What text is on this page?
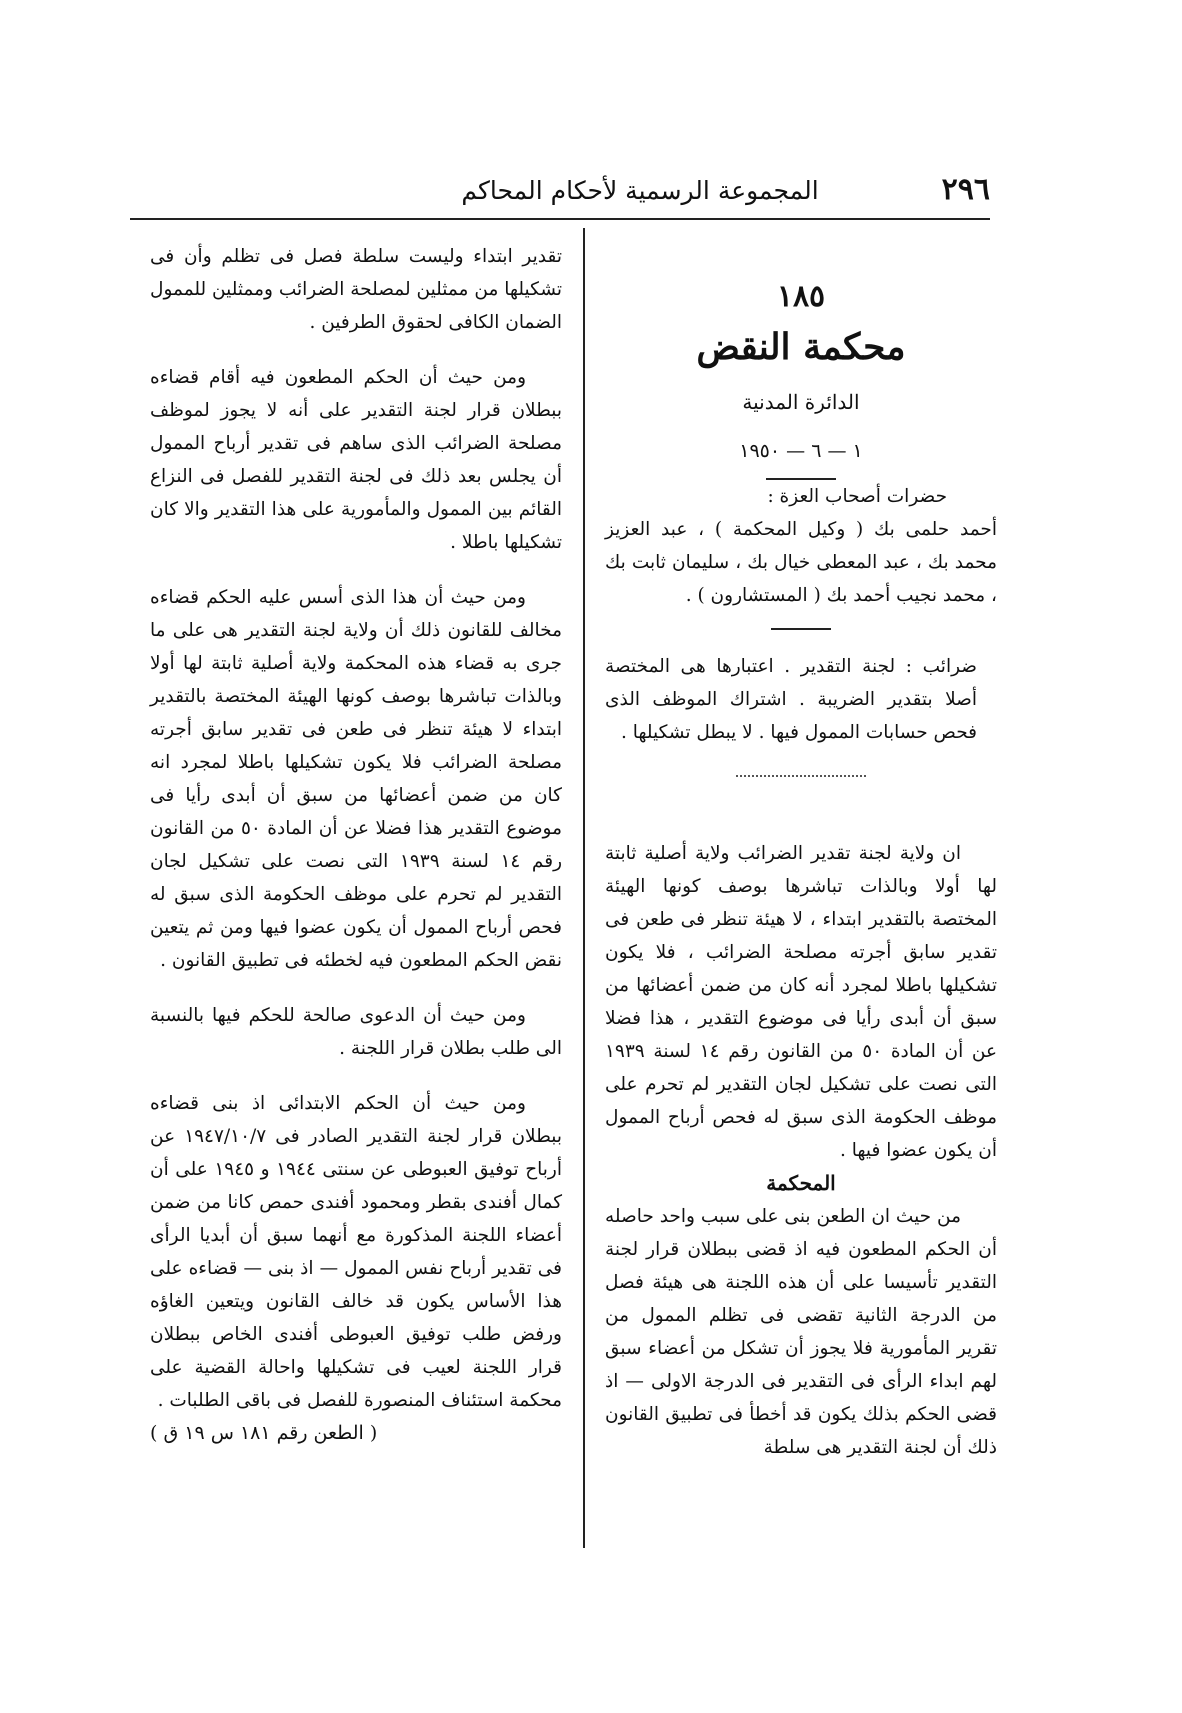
٢٩٦
المجموعة الرسمية لأحكام المحاكم
١٨٥
محكمة النقض
الدائرة المدنية
١ — ٦ — ١٩٥٠

حضرات أصحاب العزة :

أحمد حلمى بك ( وكيل المحكمة ) ، عبد العزيز محمد بك ، عبد المعطى خيال بك ، سليمان ثابت بك ، محمد نجيب أحمد بك ( المستشارون ) .

ضرائب : لجنة التقدير . اعتبارها هى المختصة أصلا بتقدير الضريبة . اشتراك الموظف الذى فحص حسابات الممول فيها . لا يبطل تشكيلها .

ان ولاية لجنة تقدير الضرائب ولاية أصلية ثابتة لها أولا وبالذات تباشرها بوصف كونها الهيئة المختصة بالتقدير ابتداء ، لا هيئة تنظر فى طعن فى تقدير سابق أجرته مصلحة الضرائب ، فلا يكون تشكيلها باطلا لمجرد أنه كان من ضمن أعضائها من سبق أن أبدى رأيا فى موضوع التقدير ، هذا فضلا عن أن المادة ٥٠ من القانون رقم ١٤ لسنة ١٩٣٩ التى نصت على تشكيل لجان التقدير لم تحرم على موظف الحكومة الذى سبق له فحص أرباح الممول أن يكون عضوا فيها .

المحكمة

من حيث ان الطعن بنى على سبب واحد حاصله أن الحكم المطعون فيه اذ قضى ببطلان قرار لجنة التقدير تأسيسا على أن هذه اللجنة هى هيئة فصل من الدرجة الثانية تقضى فى تظلم الممول من تقرير المأمورية فلا يجوز أن تشكل من أعضاء سبق لهم ابداء الرأى فى التقدير فى الدرجة الاولى — اذ قضى الحكم بذلك يكون قد أخطأ فى تطبيق القانون ذلك أن لجنة التقدير هى سلطة

تقدير ابتداء وليست سلطة فصل فى تظلم وأن فى تشكيلها من ممثلين لمصلحة الضرائب وممثلين للممول الضمان الكافى لحقوق الطرفين .

ومن حيث أن الحكم المطعون فيه أقام قضاءه ببطلان قرار لجنة التقدير على أنه لا يجوز لموظف مصلحة الضرائب الذى ساهم فى تقدير أرباح الممول أن يجلس بعد ذلك فى لجنة التقدير للفصل فى النزاع القائم بين الممول والمأمورية على هذا التقدير والا كان تشكيلها باطلا .

ومن حيث أن هذا الذى أسس عليه الحكم قضاءه مخالف للقانون ذلك أن ولاية لجنة التقدير هى على ما جرى به قضاء هذه المحكمة ولاية أصلية ثابتة لها أولا وبالذات تباشرها بوصف كونها الهيئة المختصة بالتقدير ابتداء لا هيئة تنظر فى طعن فى تقدير سابق أجرته مصلحة الضرائب فلا يكون تشكيلها باطلا لمجرد انه كان من ضمن أعضائها من سبق أن أبدى رأيا فى موضوع التقدير هذا فضلا عن أن المادة ٥٠ من القانون رقم ١٤ لسنة ١٩٣٩ التى نصت على تشكيل لجان التقدير لم تحرم على موظف الحكومة الذى سبق له فحص أرباح الممول أن يكون عضوا فيها ومن ثم يتعين نقض الحكم المطعون فيه لخطئه فى تطبيق القانون .

ومن حيث أن الدعوى صالحة للحكم فيها بالنسبة الى طلب بطلان قرار اللجنة .

ومن حيث أن الحكم الابتدائى اذ بنى قضاءه ببطلان قرار لجنة التقدير الصادر فى ١٩٤٧/١٠/٧ عن أرباح توفيق العبوطى عن سنتى ١٩٤٤ و ١٩٤٥ على أن كمال أفندى بقطر ومحمود أفندى حمص كانا من ضمن أعضاء اللجنة المذكورة مع أنهما سبق أن أبديا الرأى فى تقدير أرباح نفس الممول — اذ بنى — قضاءه على هذا الأساس يكون قد خالف القانون ويتعين الغاؤه ورفض طلب توفيق العبوطى أفندى الخاص ببطلان قرار اللجنة لعيب فى تشكيلها واحالة القضية على محكمة استئناف المنصورة للفصل فى باقى الطلبات .

( الطعن رقم ١٨١ س ١٩ ق )
